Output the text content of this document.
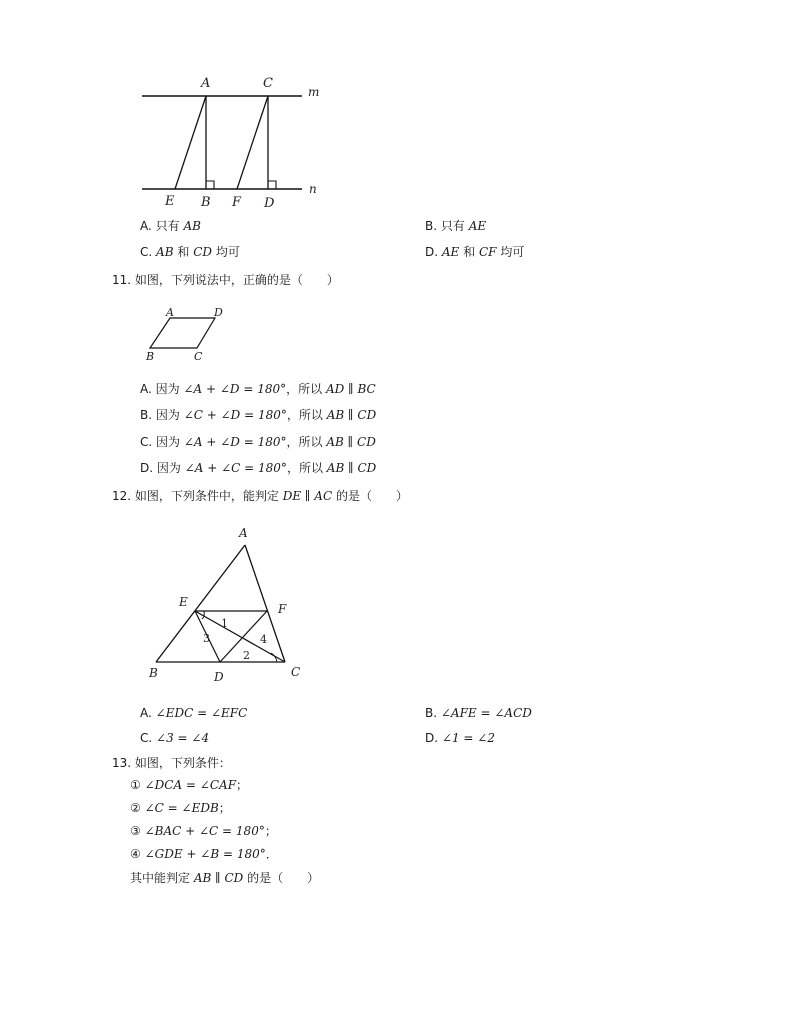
A	C
m
E B F D
n
A. 只有 AB	B. 只有 AE
C. AB 和 CD 均可	D. AE 和 CF 均可
11. 如图，下列说法中，正确的是（　　）
A	D
B	C
A. 因为 ∠A + ∠D = 180°，所以 AD ∥ BC
B. 因为 ∠C + ∠D = 180°，所以 AB ∥ CD
C. 因为 ∠A + ∠D = 180°，所以 AB ∥ CD
D. 因为 ∠A + ∠C = 180°，所以 AB ∥ CD
12. 如图，下列条件中，能判定 DE ∥ AC 的是（　　）
A
E	F
B	D	C
1
2
3	4
A. ∠EDC = ∠EFC	B. ∠AFE = ∠ACD
C. ∠3 = ∠4	D. ∠1 = ∠2
13. 如图，下列条件：
① ∠DCA = ∠CAF；
② ∠C = ∠EDB；
③ ∠BAC + ∠C = 180°；
④ ∠GDE + ∠B = 180°．
其中能判定 AB ∥ CD 的是（　　）
